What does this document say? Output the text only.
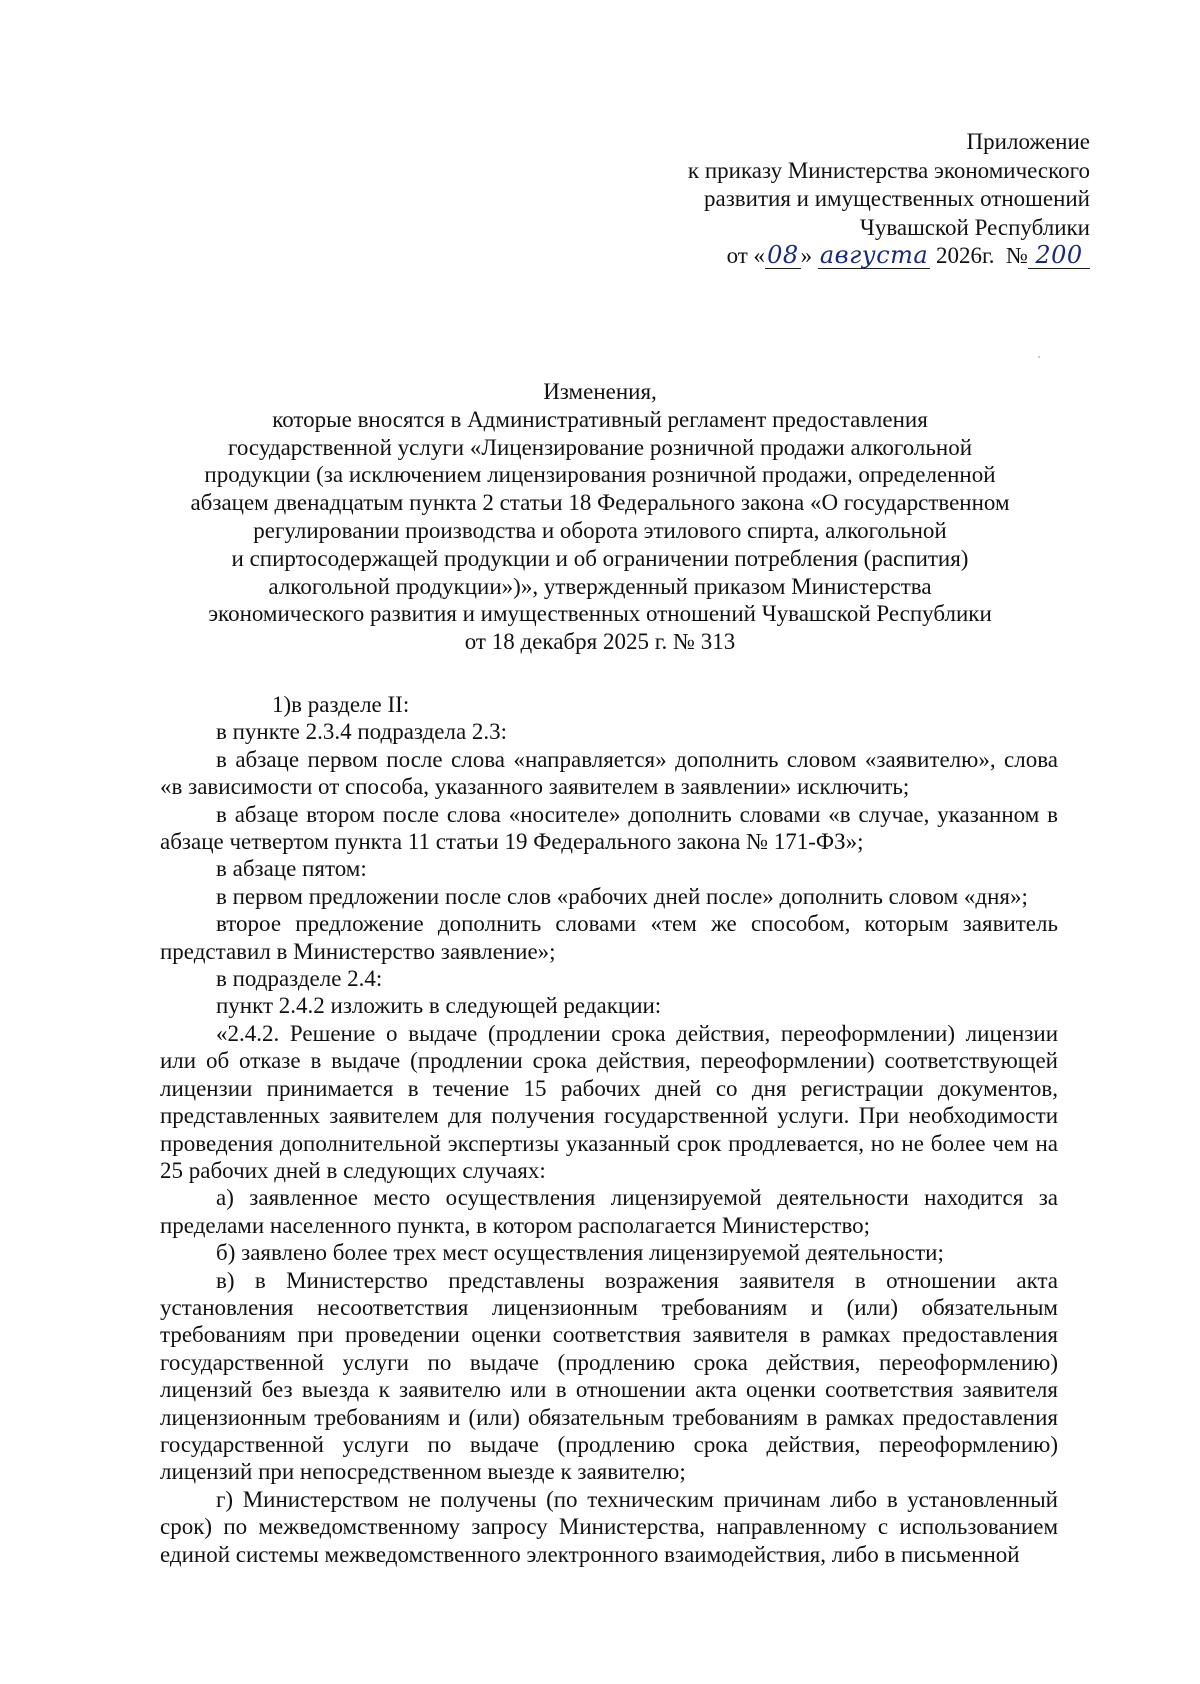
Приложение
к приказу Министерства экономического
развития и имущественных отношений
Чувашской Республики
от «08» августа 2026г. № 200
Изменения,
которые вносятся в Административный регламент предоставления
государственной услуги «Лицензирование розничной продажи алкогольной
продукции (за исключением лицензирования розничной продажи, определенной
абзацем двенадцатым пункта 2 статьи 18 Федерального закона «О государственном
регулировании производства и оборота этилового спирта, алкогольной
и спиртосодержащей продукции и об ограничении потребления (распития)
алкогольной продукции»)», утвержденный приказом Министерства
экономического развития и имущественных отношений Чувашской Республики
от 18 декабря 2025 г. № 313

1)в разделе II:

в пункте 2.3.4 подраздела 2.3:

в абзаце первом после слова «направляется» дополнить словом «заявителю», слова «в зависимости от способа, указанного заявителем в заявлении» исключить;

в абзаце втором после слова «носителе» дополнить словами «в случае, указанном в абзаце четвертом пункта 11 статьи 19 Федерального закона № 171-ФЗ»;

в абзаце пятом:

в первом предложении после слов «рабочих дней после» дополнить словом «дня»;

второе предложение дополнить словами «тем же способом, которым заявитель представил в Министерство заявление»;

в подразделе 2.4:

пункт 2.4.2 изложить в следующей редакции:

«2.4.2. Решение о выдаче (продлении срока действия, переоформлении) лицензии или об отказе в выдаче (продлении срока действия, переоформлении) соответствующей лицензии принимается в течение 15 рабочих дней со дня регистрации документов, представленных заявителем для получения государственной услуги. При необходимости проведения дополнительной экспертизы указанный срок продлевается, но не более чем на 25 рабочих дней в следующих случаях:

а) заявленное место осуществления лицензируемой деятельности находится за пределами населенного пункта, в котором располагается Министерство;

б) заявлено более трех мест осуществления лицензируемой деятельности;

в) в Министерство представлены возражения заявителя в отношении акта установления несоответствия лицензионным требованиям и (или) обязательным требованиям при проведении оценки соответствия заявителя в рамках предоставления государственной услуги по выдаче (продлению срока действия, переоформлению) лицензий без выезда к заявителю или в отношении акта оценки соответствия заявителя лицензионным требованиям и (или) обязательным требованиям в рамках предоставления государственной услуги по выдаче (продлению срока действия, переоформлению) лицензий при непосредственном выезде к заявителю;

г) Министерством не получены (по техническим причинам либо в установленный срок) по межведомственному запросу Министерства, направленному с использованием единой системы межведомственного электронного взаимодействия, либо в письменной
